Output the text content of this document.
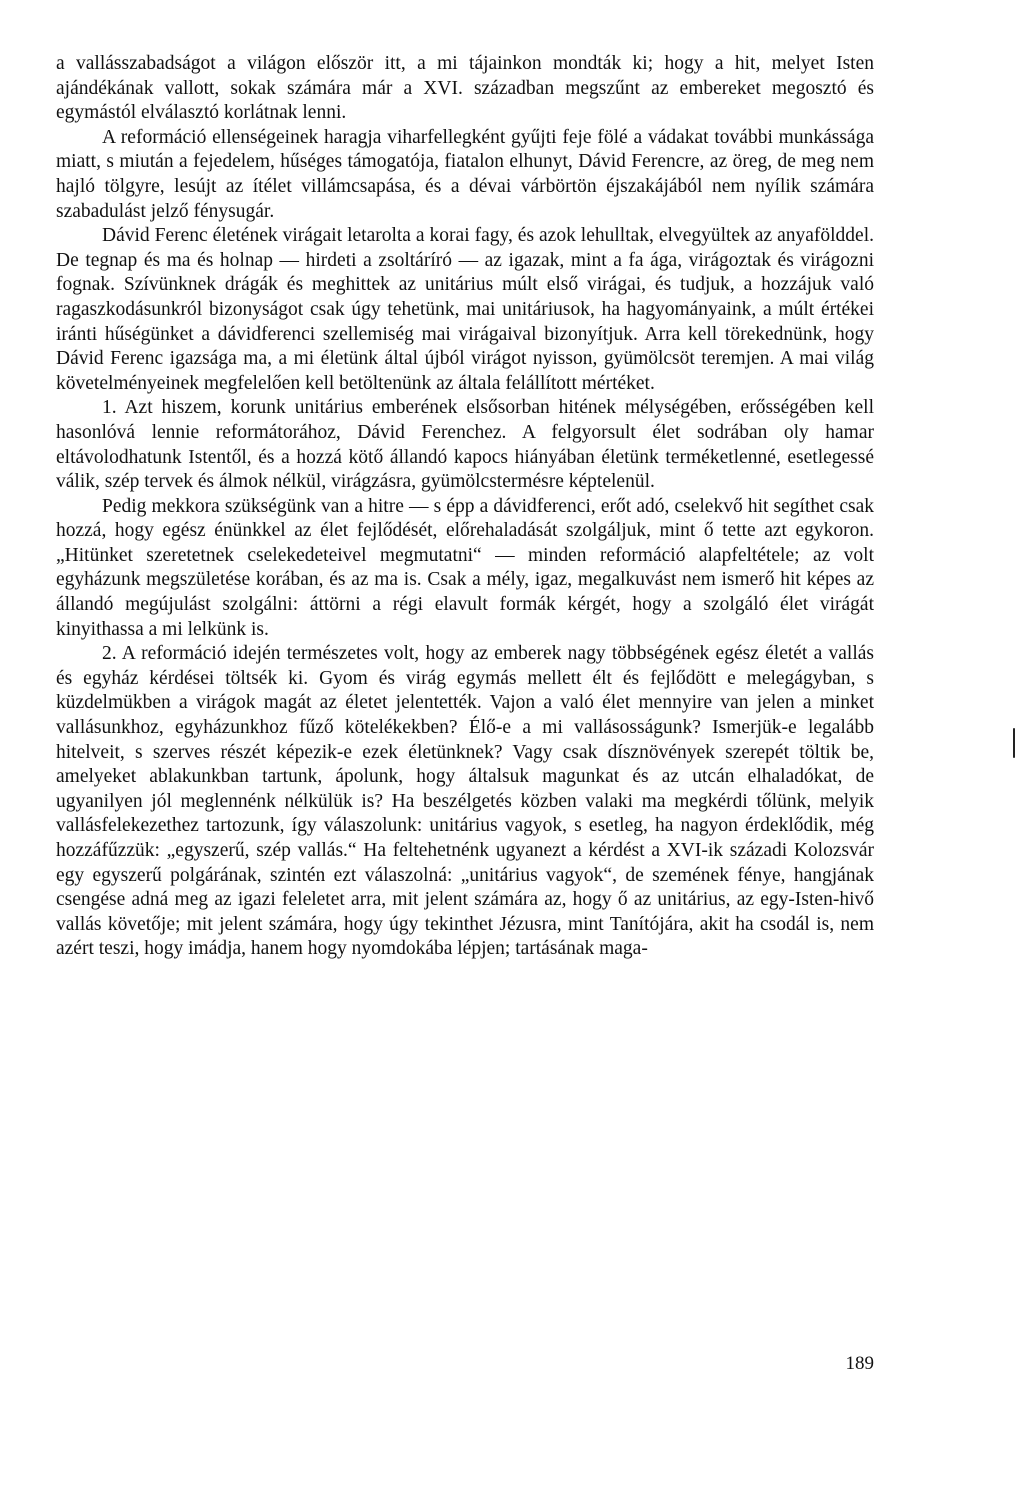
a vallásszabadságot a világon először itt, a mi tájainkon mondták ki; hogy a hit, melyet Isten ajándékának vallott, sokak számára már a XVI. században megszűnt az embereket megosztó és egymástól elválasztó korlátnak lenni.

A reformáció ellenségeinek haragja viharfellegként gyűjti feje fölé a vádakat további munkássága miatt, s miután a fejedelem, hűséges támogatója, fiatalon elhunyt, Dávid Ferencre, az öreg, de meg nem hajló tölgyre, lesújt az ítélet villámcsapása, és a dévai várbörtön éjszakájából nem nyílik számára szabadulást jelző fénysugár.

Dávid Ferenc életének virágait letarolta a korai fagy, és azok lehulltak, elvegyültek az anyafölddel. De tegnap és ma és holnap — hirdeti a zsoltáríró — az igazak, mint a fa ága, virágoztak és virágozni fognak. Szívünknek drágák és meghittek az unitárius múlt első virágai, és tudjuk, a hozzájuk való ragaszkodásunkról bizonyságot csak úgy tehetünk, mai unitáriusok, ha hagyományaink, a múlt értékei iránti hűségünket a dávidferenci szellemiség mai virágaival bizonyítjuk. Arra kell törekednünk, hogy Dávid Ferenc igazsága ma, a mi életünk által újból virágot nyisson, gyümölcsöt teremjen. A mai világ követelményeinek megfelelően kell betöltenünk az általa felállított mértéket.

1. Azt hiszem, korunk unitárius emberének elsősorban hitének mélységében, erősségében kell hasonlóvá lennie reformátorához, Dávid Ferenchez. A felgyorsult élet sodrában oly hamar eltávolodhatunk Istentől, és a hozzá kötő állandó kapocs hiányában életünk terméketlenné, esetlegessé válik, szép tervek és álmok nélkül, virágzásra, gyümölcstermésre képtelenül.

Pedig mekkora szükségünk van a hitre — s épp a dávidferenci, erőt adó, cselekvő hit segíthet csak hozzá, hogy egész énünkkel az élet fejlődését, előrehaladását szolgáljuk, mint ő tette azt egykoron. „Hitünket szeretetnek cselekedeteivel megmutatni“ — minden reformáció alapfeltétele; az volt egyházunk megszületése korában, és az ma is. Csak a mély, igaz, megalkuvást nem ismerő hit képes az állandó megújulást szolgálni: áttörni a régi elavult formák kérgét, hogy a szolgáló élet virágát kinyithassa a mi lelkünk is.

2. A reformáció idején természetes volt, hogy az emberek nagy többségének egész életét a vallás és egyház kérdései töltsék ki. Gyom és virág egymás mellett élt és fejlődött e melegágyban, s küzdelmükben a virágok magát az életet jelentették. Vajon a való élet mennyire van jelen a minket vallásunkhoz, egyházunkhoz fűző kötelékekben? Élő-e a mi vallásosságunk? Ismerjük-e legalább hitelveit, s szerves részét képezik-e ezek életünknek? Vagy csak dísznövények szerepét töltik be, amelyeket ablakunkban tartunk, ápolunk, hogy általsuk magunkat és az utcán elhaladókat, de ugyanilyen jól meglennénk nélkülük is? Ha beszélgetés közben valaki ma megkérdi tőlünk, melyik vallásfelekezethez tartozunk, így válaszolunk: unitárius vagyok, s esetleg, ha nagyon érdeklődik, még hozzáfűzzük: „egyszerű, szép vallás.“ Ha feltehetnénk ugyanezt a kérdést a XVI-ik századi Kolozsvár egy egyszerű polgárának, szintén ezt válaszolná: „unitárius vagyok“, de szemének fénye, hangjának csengése adná meg az igazi feleletet arra, mit jelent számára az, hogy ő az unitárius, az egy-Isten-hivő vallás követője; mit jelent számára, hogy úgy tekinthet Jézusra, mint Tanítójára, akit ha csodál is, nem azért teszi, hogy imádja, hanem hogy nyomdokába lépjen; tartásának maga-

189
